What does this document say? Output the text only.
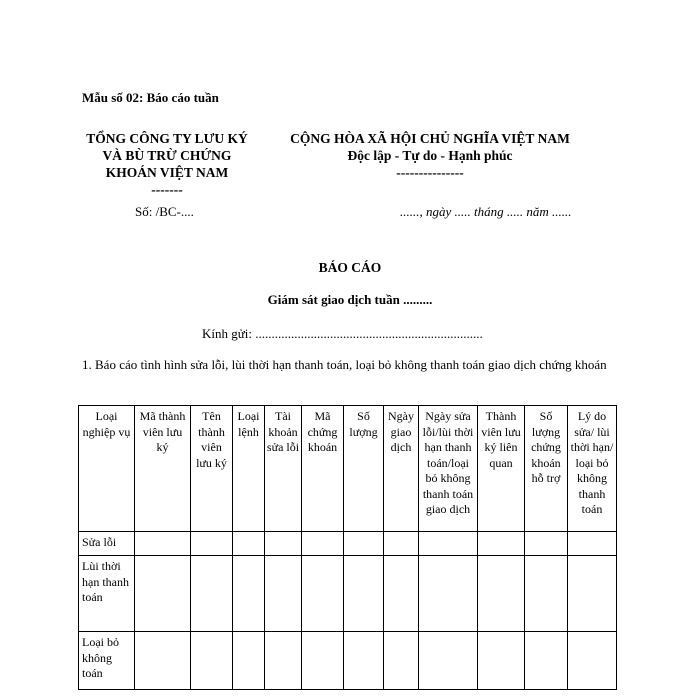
Mẫu số 02: Báo cáo tuần
TỔNG CÔNG TY LƯU KÝ
VÀ BÙ TRỪ CHỨNG
KHOÁN VIỆT NAM
-------
CỘNG HÒA XÃ HỘI CHỦ NGHĨA VIỆT NAM
Độc lập - Tự do - Hạnh phúc
---------------
Số: /BC-....	......, ngày ..... tháng ..... năm ......
BÁO CÁO
Giám sát giao dịch tuần .........
Kính gửi: ......................................................................
1. Báo cáo tình hình sửa lỗi, lùi thời hạn thanh toán, loại bỏ không thanh toán giao dịch chứng khoán
Loại nghiệp vụ	Mã thành viên lưu ký	Tên thành viên lưu ký	Loại lệnh	Tài khoản sửa lỗi	Mã chứng khoán	Số lượng	Ngày giao dịch	Ngày sửa lỗi/lùi thời hạn thanh toán/loại bỏ không thanh toán giao dịch	Thành viên lưu ký liên quan	Số lượng chứng khoán hỗ trợ	Lý do sửa/ lùi thời hạn/ loại bỏ không thanh toán
Sửa lỗi											
Lùi thời hạn thanh toán											
Loại bỏ không toán											
